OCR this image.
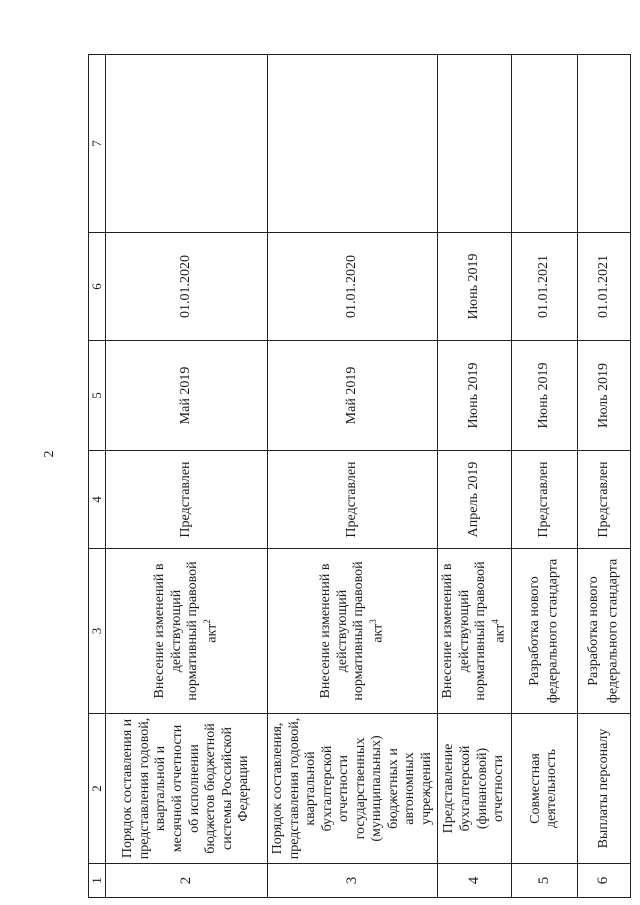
2
1	2	3	4	5	6	7
2	Порядок составления и представления годовой, квартальной и месячной отчетности об исполнении бюджетов бюджетной системы Российской Федерации	Внесение изменений в действующий нормативный правовой акт$^2$	Представлен	Май 2019	01.01.2020	
3	Порядок составления, представления годовой, квартальной бухгалтерской отчетности государственных (муниципальных) бюджетных и автономных учреждений	Внесение изменений в действующий нормативный правовой акт$^3$	Представлен	Май 2019	01.01.2020	
4	Представление бухгалтерской (финансовой) отчетности	Внесение изменений в действующий нормативный правовой акт$^4$	Апрель 2019	Июнь 2019	Июнь 2019	
5	Совместная деятельность	Разработка нового федерального стандарта	Представлен	Июнь 2019	01.01.2021	
6	Выплаты персоналу	Разработка нового федерального стандарта	Представлен	Июль 2019	01.01.2021	
